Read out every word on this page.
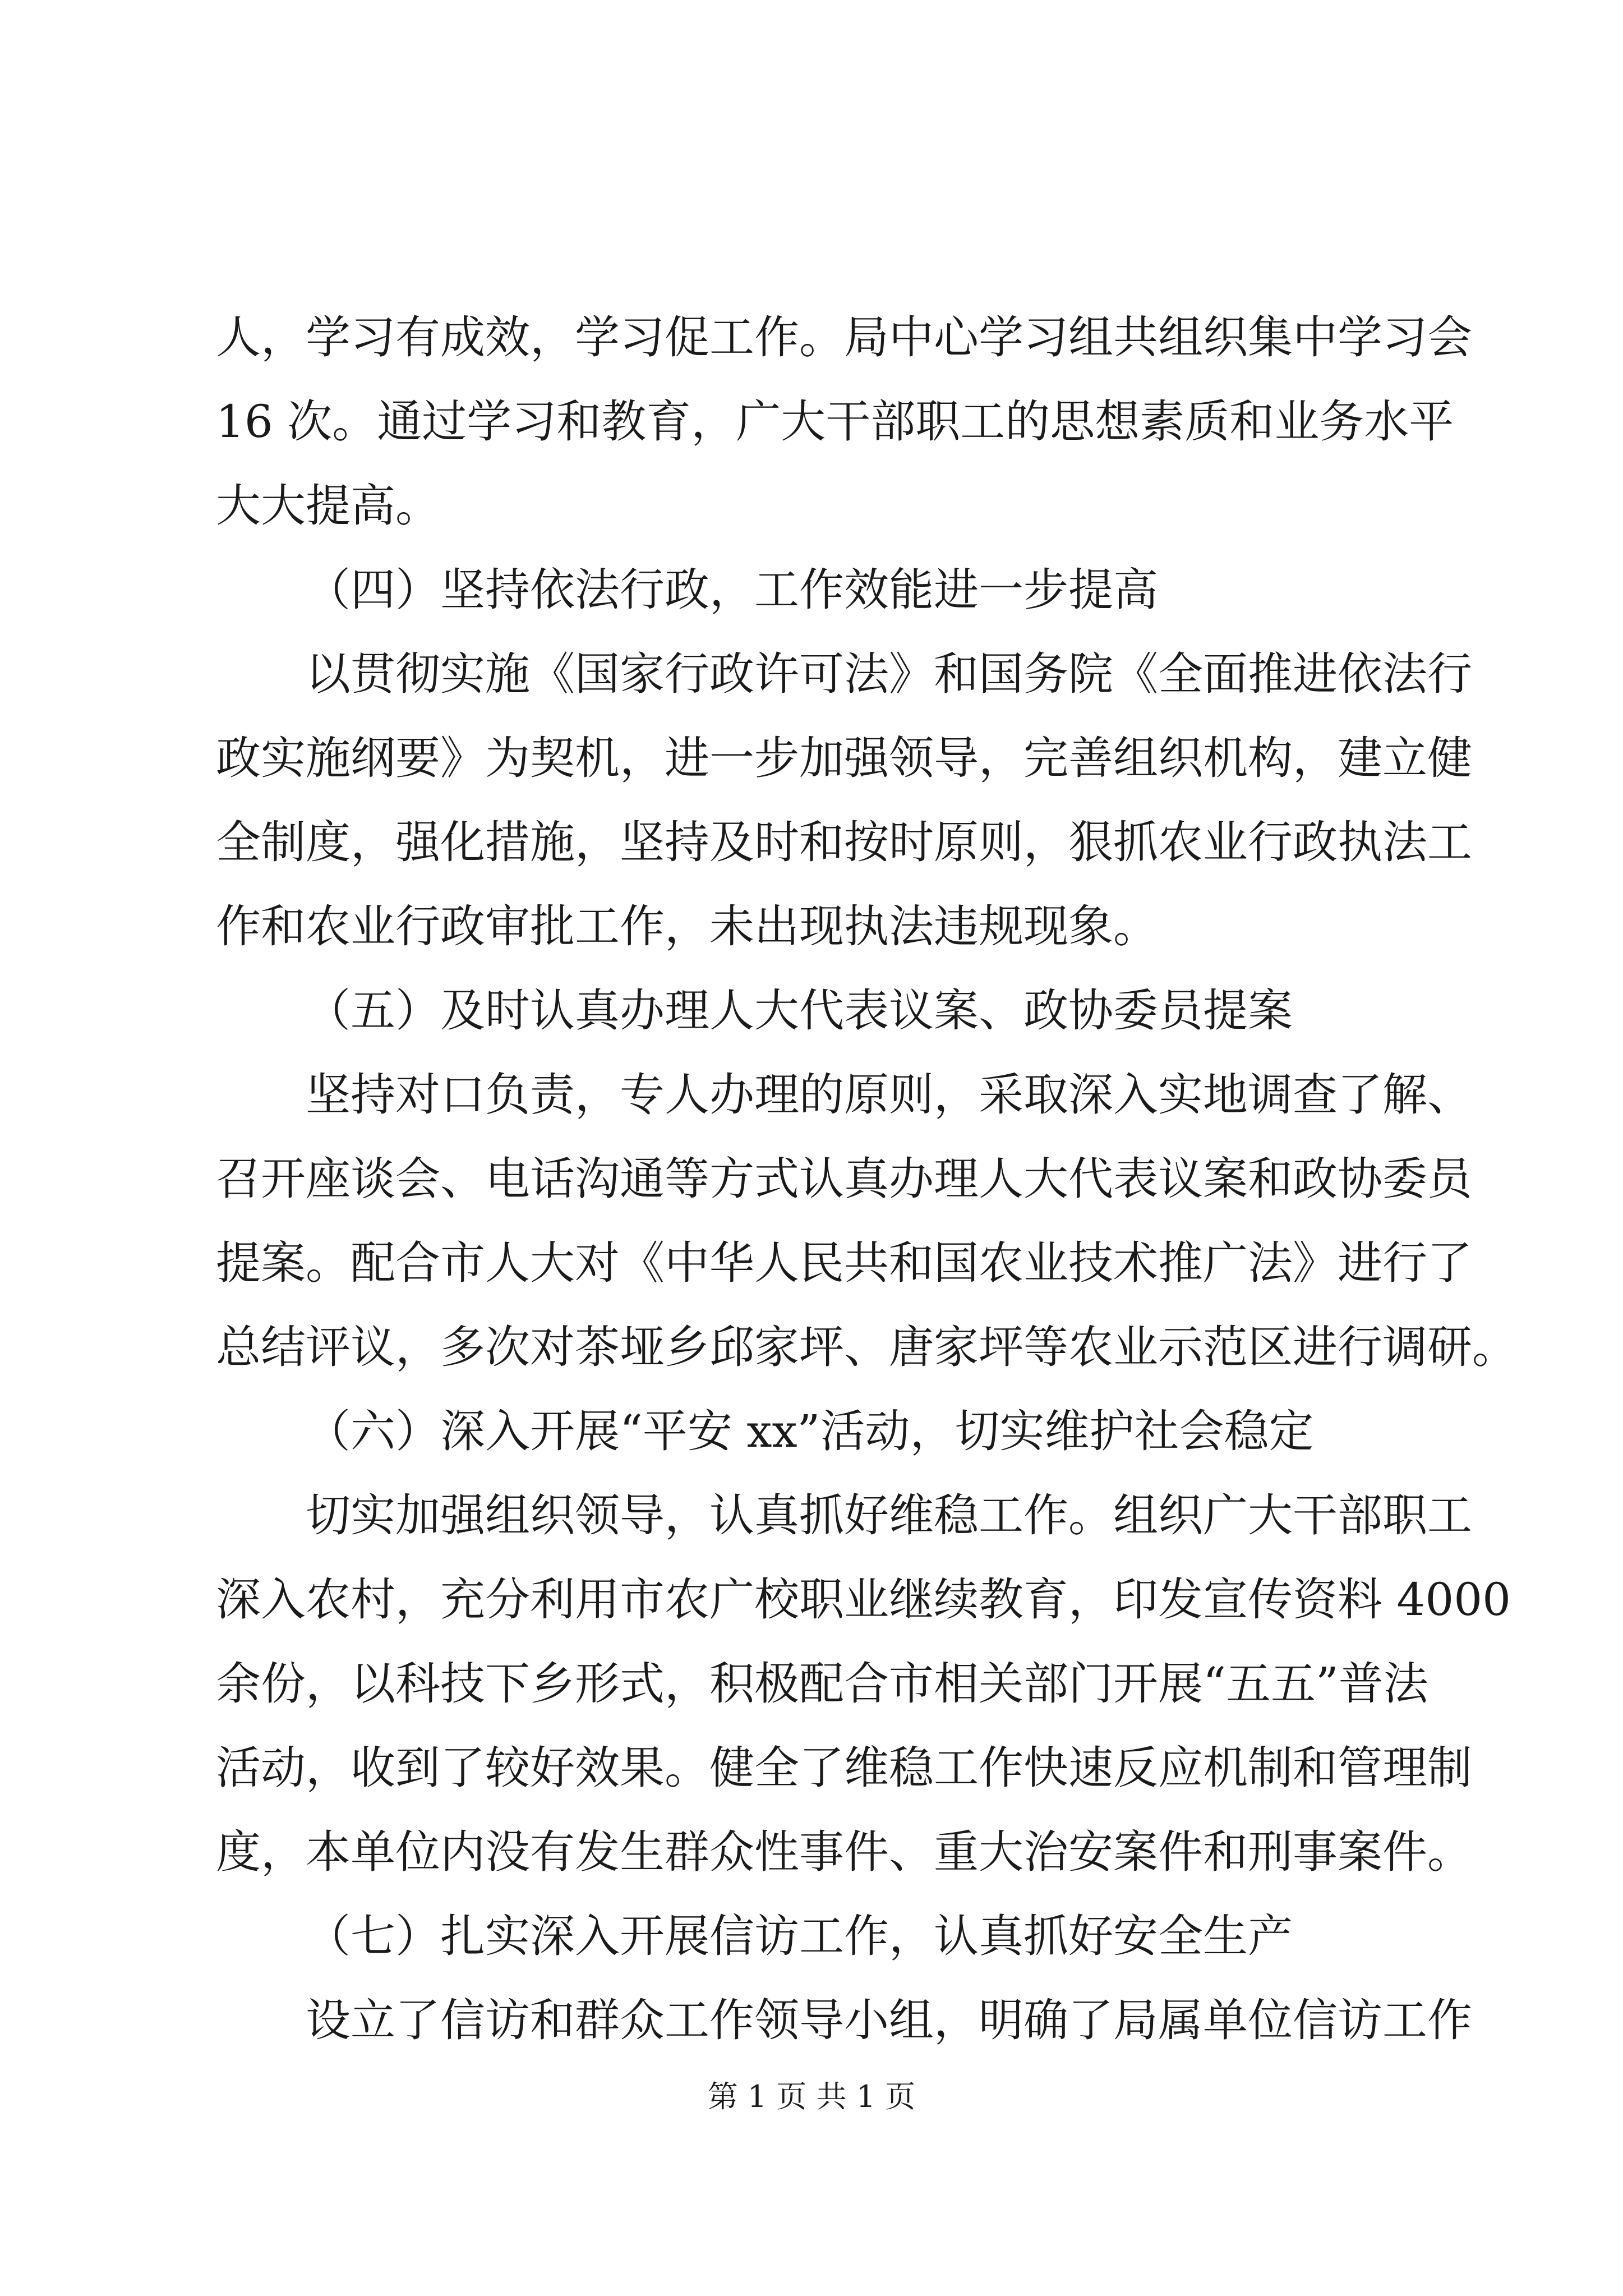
人，学习有成效，学习促工作。局中心学习组共组织集中学习会
16 次。通过学习和教育，广大干部职工的思想素质和业务水平
大大提高。
（四）坚持依法行政，工作效能进一步提高
以贯彻实施《国家行政许可法》和国务院《全面推进依法行
政实施纲要》为契机，进一步加强领导，完善组织机构，建立健
全制度，强化措施，坚持及时和按时原则，狠抓农业行政执法工
作和农业行政审批工作，未出现执法违规现象。
（五）及时认真办理人大代表议案、政协委员提案
坚持对口负责，专人办理的原则，采取深入实地调查了解、
召开座谈会、电话沟通等方式认真办理人大代表议案和政协委员
提案。配合市人大对《中华人民共和国农业技术推广法》进行了
总结评议，多次对茶垭乡邱家坪、唐家坪等农业示范区进行调研。
（六）深入开展“平安 xx”活动，切实维护社会稳定
切实加强组织领导，认真抓好维稳工作。组织广大干部职工
深入农村，充分利用市农广校职业继续教育，印发宣传资料 4000
余份，以科技下乡形式，积极配合市相关部门开展“五五”普法
活动，收到了较好效果。健全了维稳工作快速反应机制和管理制
度，本单位内没有发生群众性事件、重大治安案件和刑事案件。
（七）扎实深入开展信访工作，认真抓好安全生产
设立了信访和群众工作领导小组，明确了局属单位信访工作
第 1 页 共 1 页
